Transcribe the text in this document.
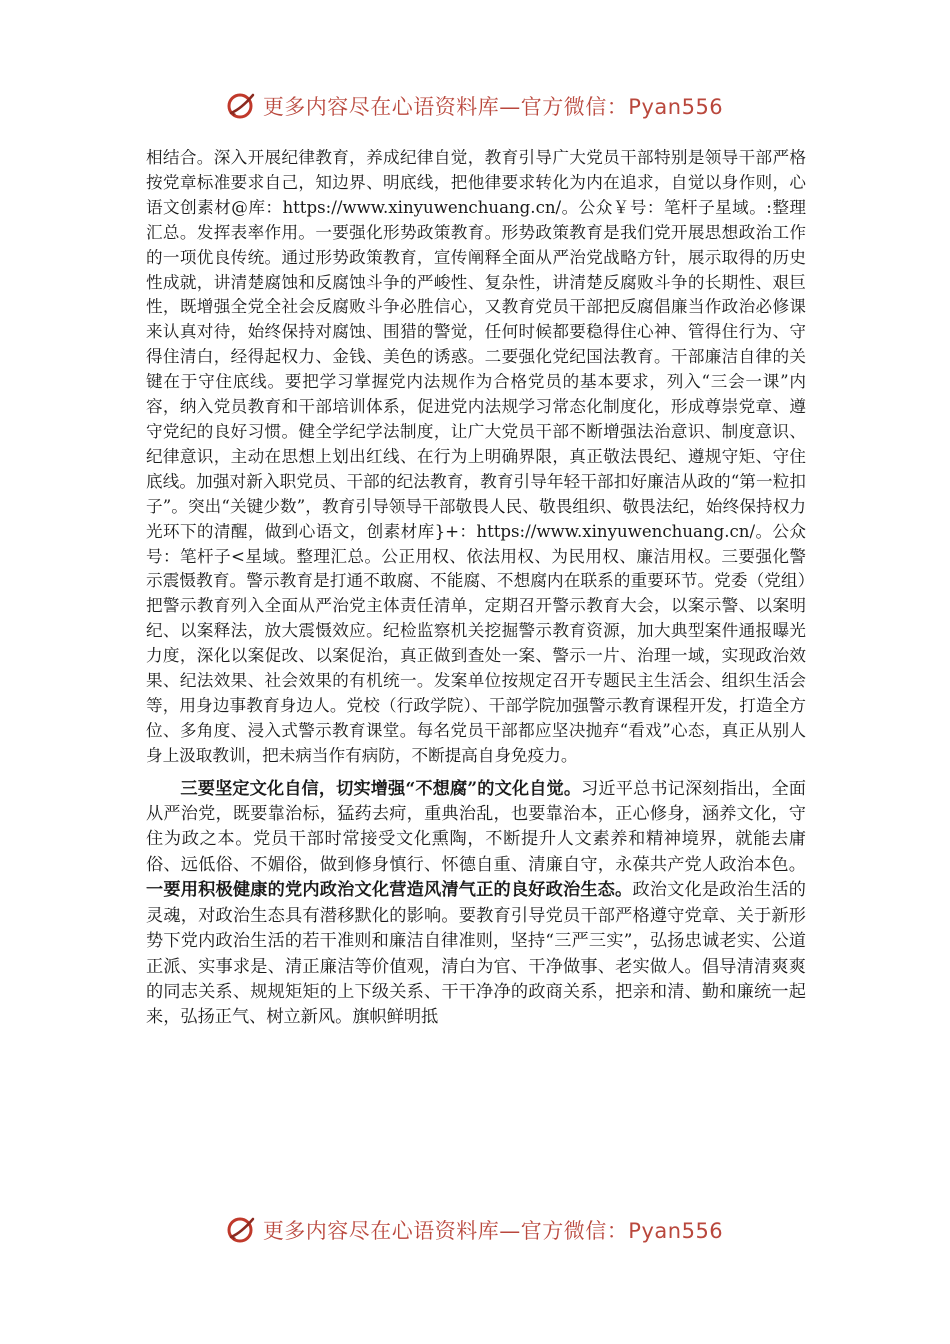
更多内容尽在心语资料库—官方微信：Pyan556

相结合。深入开展纪律教育，养成纪律自觉，教育引导广大党员干部特别是领导干部严格按党章标准要求自己，知边界、明底线，把他律要求转化为内在追求，自觉以身作则，心语文创素材@库：https://www.xinyuwenchuang.cn/。公众￥号：笔杆子星域。:整理汇总。发挥表率作用。一要强化形势政策教育。形势政策教育是我们党开展思想政治工作的一项优良传统。通过形势政策教育，宣传阐释全面从严治党战略方针，展示取得的历史性成就，讲清楚腐蚀和反腐蚀斗争的严峻性、复杂性，讲清楚反腐败斗争的长期性、艰巨性，既增强全党全社会反腐败斗争必胜信心，又教育党员干部把反腐倡廉当作政治必修课来认真对待，始终保持对腐蚀、围猎的警觉，任何时候都要稳得住心神、管得住行为、守得住清白，经得起权力、金钱、美色的诱惑。二要强化党纪国法教育。干部廉洁自律的关键在于守住底线。要把学习掌握党内法规作为合格党员的基本要求，列入“三会一课”内容，纳入党员教育和干部培训体系，促进党内法规学习常态化制度化，形成尊崇党章、遵守党纪的良好习惯。健全学纪学法制度，让广大党员干部不断增强法治意识、制度意识、纪律意识，主动在思想上划出红线、在行为上明确界限，真正敬法畏纪、遵规守矩、守住底线。加强对新入职党员、干部的纪法教育，教育引导年轻干部扣好廉洁从政的“第一粒扣子”。突出“关键少数”，教育引导领导干部敬畏人民、敬畏组织、敬畏法纪，始终保持权力光环下的清醒，做到心语文，创素材库}+：https://www.xinyuwenchuang.cn/。公众号：笔杆子<星域。整理汇总。公正用权、依法用权、为民用权、廉洁用权。三要强化警示震慑教育。警示教育是打通不敢腐、不能腐、不想腐内在联系的重要环节。党委（党组）把警示教育列入全面从严治党主体责任清单，定期召开警示教育大会，以案示警、以案明纪、以案释法，放大震慑效应。纪检监察机关挖掘警示教育资源，加大典型案件通报曝光力度，深化以案促改、以案促治，真正做到查处一案、警示一片、治理一域，实现政治效果、纪法效果、社会效果的有机统一。发案单位按规定召开专题民主生活会、组织生活会等，用身边事教育身边人。党校（行政学院）、干部学院加强警示教育课程开发，打造全方位、多角度、浸入式警示教育课堂。每名党员干部都应坚决抛弃“看戏”心态，真正从别人身上汲取教训，把未病当作有病防，不断提高自身免疫力。

三要坚定文化自信，切实增强“不想腐”的文化自觉。习近平总书记深刻指出，全面从严治党，既要靠治标，猛药去疴，重典治乱，也要靠治本，正心修身，涵养文化，守住为政之本。党员干部时常接受文化熏陶，不断提升人文素养和精神境界，就能去庸俗、远低俗、不媚俗，做到修身慎行、怀德自重、清廉自守，永葆共产党人政治本色。一要用积极健康的党内政治文化营造风清气正的良好政治生态。政治文化是政治生活的灵魂，对政治生态具有潜移默化的影响。要教育引导党员干部严格遵守党章、关于新形势下党内政治生活的若干准则和廉洁自律准则，坚持“三严三实”，弘扬忠诚老实、公道正派、实事求是、清正廉洁等价值观，清白为官、干净做事、老实做人。倡导清清爽爽的同志关系、规规矩矩的上下级关系、干干净净的政商关系，把亲和清、勤和廉统一起来，弘扬正气、树立新风。旗帜鲜明抵

更多内容尽在心语资料库—官方微信：Pyan556
